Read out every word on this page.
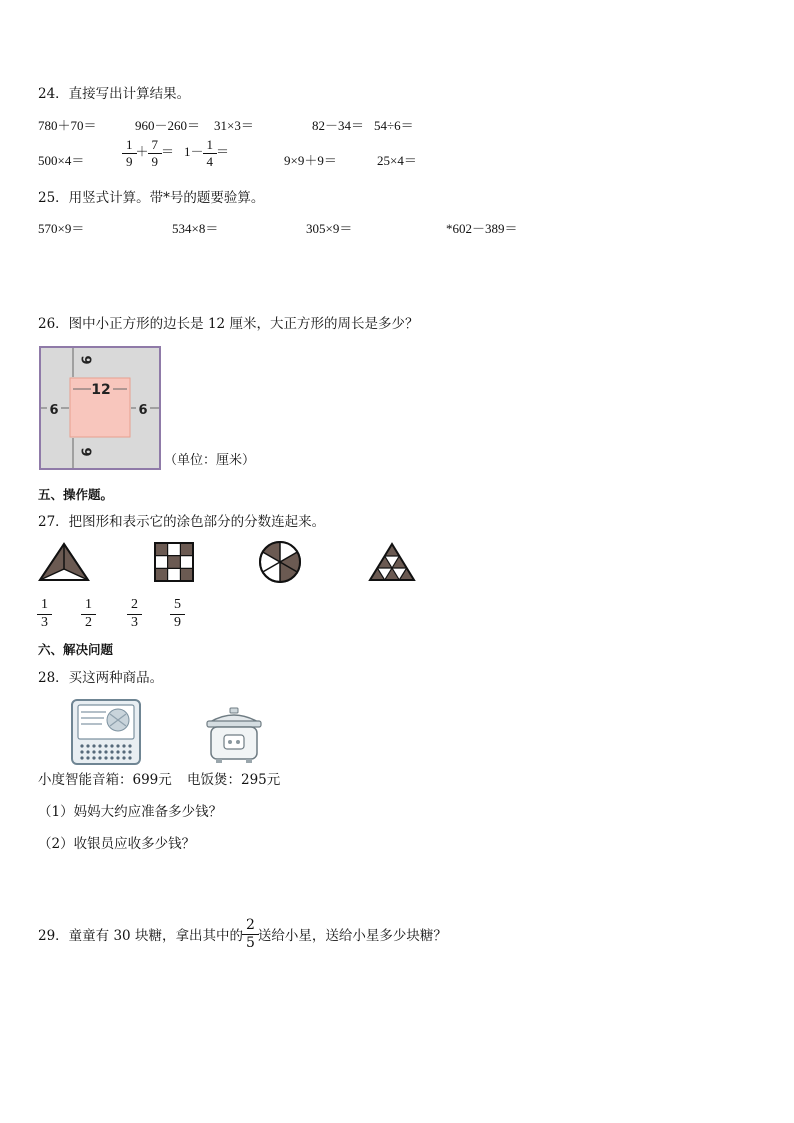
24．直接写出计算结果。
780＋70＝	960－260＝ 31×3＝	82－34＝ 54÷6＝
500×4＝	$\frac{1}{9} + \frac{7}{9} = 1- \frac{1}{4}$ ＝
9×9＋9＝	25×4＝
25．用竖式计算。带*号的题要验算。
570×9＝	534×8＝	305×9＝	*602－389＝
26．图中小正方形的边长是 12 厘米，大正方形的周长是多少？
12
9
9
6	6
（单位：厘米）
五、操作题。
27．把图形和表示它的涂色部分的分数连起来。
$\frac{1}{3} \frac{1}{2}$	$\frac{2}{3} \frac{5}{9}$
六、解决问题
28．买这两种商品。
小度智能音箱：699元 电饭煲：295元
（1）妈妈大约应准备多少钱？
（2）收银员应收多少钱？
29．童童有 30 块糖，拿出其中的 $\frac{2}{5}$ 送给小星，送给小星多少块糖？
